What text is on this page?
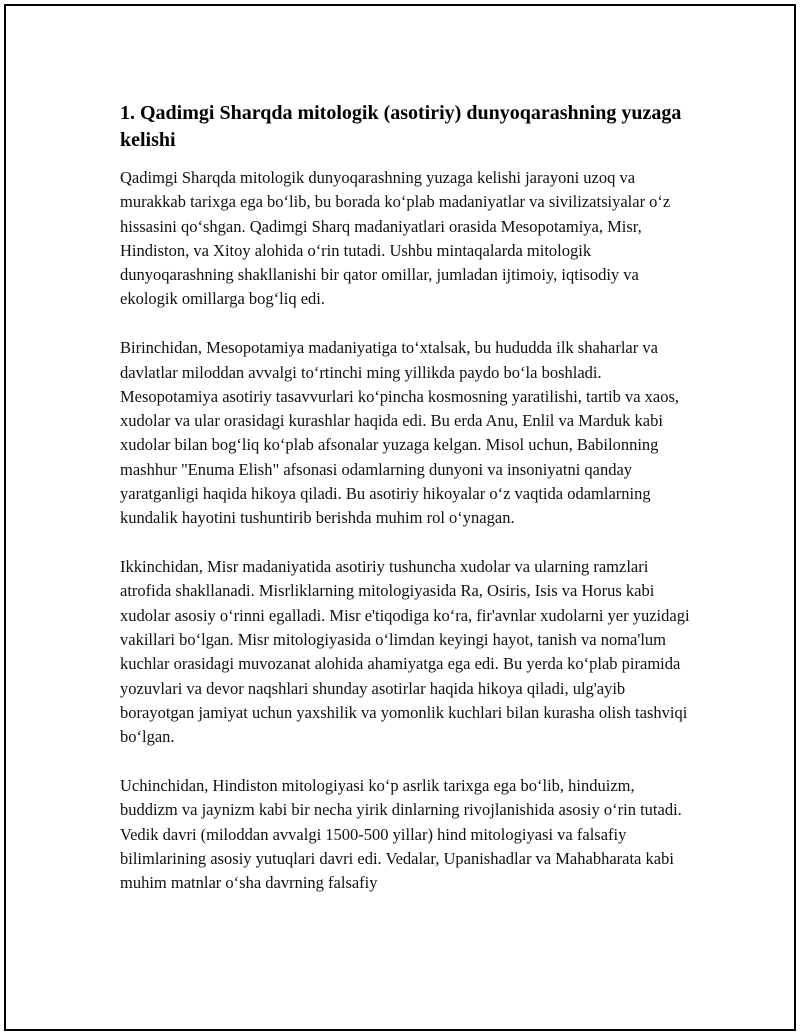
1. Qadimgi Sharqda mitologik (asotiriy) dunyoqarashning yuzaga kelishi

Qadimgi Sharqda mitologik dunyoqarashning yuzaga kelishi jarayoni uzoq va murakkab tarixga ega bo‘lib, bu borada ko‘plab madaniyatlar va sivilizatsiyalar o‘z hissasini qo‘shgan. Qadimgi Sharq madaniyatlari orasida Mesopotamiya, Misr, Hindiston, va Xitoy alohida o‘rin tutadi. Ushbu mintaqalarda mitologik dunyoqarashning shakllanishi bir qator omillar, jumladan ijtimoiy, iqtisodiy va ekologik omillarga bog‘liq edi.

Birinchidan, Mesopotamiya madaniyatiga to‘xtalsak, bu hududda ilk shaharlar va davlatlar miloddan avvalgi to‘rtinchi ming yillikda paydo bo‘la boshladi. Mesopotamiya asotiriy tasavvurlari ko‘pincha kosmosning yaratilishi, tartib va xaos, xudolar va ular orasidagi kurashlar haqida edi. Bu erda Anu, Enlil va Marduk kabi xudolar bilan bog‘liq ko‘plab afsonalar yuzaga kelgan. Misol uchun, Babilonning mashhur "Enuma Elish" afsonasi odamlarning dunyoni va insoniyatni qanday yaratganligi haqida hikoya qiladi. Bu asotiriy hikoyalar o‘z vaqtida odamlarning kundalik hayotini tushuntirib berishda muhim rol o‘ynagan.

Ikkinchidan, Misr madaniyatida asotiriy tushuncha xudolar va ularning ramzlari atrofida shakllanadi. Misrliklarning mitologiyasida Ra, Osiris, Isis va Horus kabi xudolar asosiy o‘rinni egalladi. Misr e'tiqodiga ko‘ra, fir'avnlar xudolarni yer yuzidagi vakillari bo‘lgan. Misr mitologiyasida o‘limdan keyingi hayot, tanish va noma'lum kuchlar orasidagi muvozanat alohida ahamiyatga ega edi. Bu yerda ko‘plab piramida yozuvlari va devor naqshlari shunday asotirlar haqida hikoya qiladi, ulg'ayib borayotgan jamiyat uchun yaxshilik va yomonlik kuchlari bilan kurasha olish tashviqi bo‘lgan.

Uchinchidan, Hindiston mitologiyasi ko‘p asrlik tarixga ega bo‘lib, hinduizm, buddizm va jaynizm kabi bir necha yirik dinlarning rivojlanishida asosiy o‘rin tutadi. Vedik davri (miloddan avvalgi 1500-500 yillar) hind mitologiyasi va falsafiy bilimlarining asosiy yutuqlari davri edi. Vedalar, Upanishadlar va Mahabharata kabi muhim matnlar o‘sha davrning falsafiy
